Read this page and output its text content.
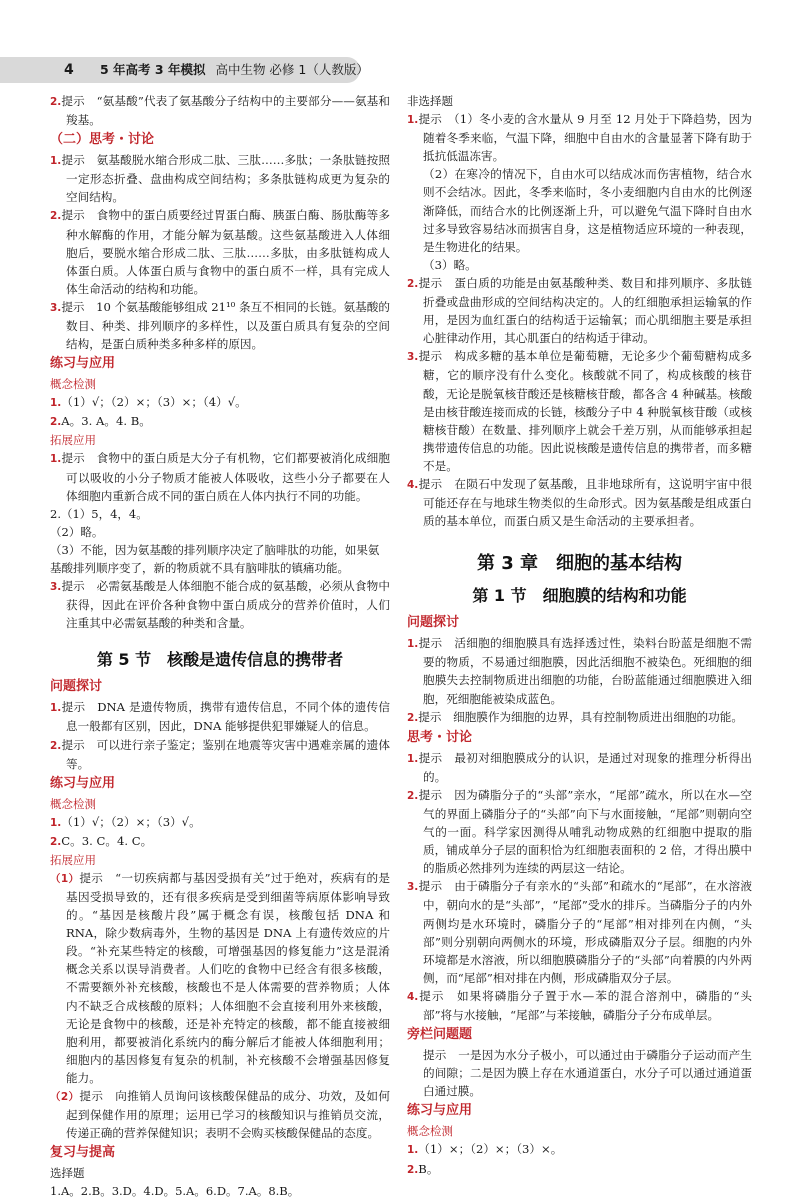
4 5 年高考 3 年模拟 高中生物 必修 1（人教版）
2.提示　“氨基酸”代表了氨基酸分子结构中的主要部分——氨基和羧基。
（二）思考・讨论
1.提示　氨基酸脱水缩合形成二肽、三肽……多肽；一条肽链按照一定形态折叠、盘曲构成空间结构；多条肽链构成更为复杂的空间结构。
2.提示　食物中的蛋白质要经过胃蛋白酶、胰蛋白酶、肠肽酶等多种水解酶的作用，才能分解为氨基酸。这些氨基酸进入人体细胞后，要脱水缩合形成二肽、三肽……多肽，由多肽链构成人体蛋白质。人体蛋白质与食物中的蛋白质不一样，具有完成人体生命活动的结构和功能。
3.提示　10 个氨基酸能够组成 21¹⁰ 条互不相同的长链。氨基酸的数目、种类、排列顺序的多样性，以及蛋白质具有复杂的空间结构，是蛋白质种类多种多样的原因。
练习与应用
概念检测
1.（1）√；（2）×；（3）×；（4）√。
2.A。3. A。4. B。
拓展应用
1.提示　食物中的蛋白质是大分子有机物，它们都要被消化成细胞可以吸收的小分子物质才能被人体吸收，这些小分子都要在人体细胞内重新合成不同的蛋白质在人体内执行不同的功能。
2.（1）5，4，4。
（2）略。
（3）不能，因为氨基酸的排列顺序决定了脑啡肽的功能，如果氨基酸排列顺序变了，新的物质就不具有脑啡肽的镇痛功能。
3.提示　必需氨基酸是人体细胞不能合成的氨基酸，必须从食物中获得，因此在评价各种食物中蛋白质成分的营养价值时，人们注重其中必需氨基酸的种类和含量。
第 5 节　核酸是遗传信息的携带者
问题探讨
1.提示　DNA 是遗传物质，携带有遗传信息，不同个体的遗传信息一般都有区别，因此，DNA 能够提供犯罪嫌疑人的信息。
2.提示　可以进行亲子鉴定；鉴别在地震等灾害中遇难亲属的遗体等。
练习与应用
概念检测
1.（1）√；（2）×；（3）√。
2.C。3. C。4. C。
拓展应用
（1）提示　“一切疾病都与基因受损有关”过于绝对，疾病有的是基因受损导致的，还有很多疾病是受到细菌等病原体影响导致的。“基因是核酸片段”属于概念有误，核酸包括 DNA 和 RNA，除少数病毒外，生物的基因是 DNA 上有遗传效应的片段。“补充某些特定的核酸，可增强基因的修复能力”这是混淆概念关系以误导消费者。人们吃的食物中已经含有很多核酸，不需要额外补充核酸，核酸也不是人体需要的营养物质；人体内不缺乏合成核酸的原料；人体细胞不会直接利用外来核酸，无论是食物中的核酸，还是补充特定的核酸，都不能直接被细胞利用，都要被消化系统内的酶分解后才能被人体细胞利用；细胞内的基因修复有复杂的机制，补充核酸不会增强基因修复能力。
（2）提示　向推销人员询问该核酸保健品的成分、功效，及如何起到保健作用的原理；运用已学习的核酸知识与推销员交流，传递正确的营养保健知识；表明不会购买核酸保健品的态度。
复习与提高
选择题
1.A。2.B。3.D。4.D。5.A。6.D。7.A。8.B。
非选择题
1.提示　（1）冬小麦的含水量从 9 月至 12 月处于下降趋势，因为随着冬季来临，气温下降，细胞中自由水的含量显著下降有助于抵抗低温冻害。
（2）在寒冷的情况下，自由水可以结成冰而伤害植物，结合水则不会结冰。因此，冬季来临时，冬小麦细胞内自由水的比例逐渐降低，而结合水的比例逐渐上升，可以避免气温下降时自由水过多导致容易结冰而损害自身，这是植物适应环境的一种表现，是生物进化的结果。
（3）略。
2.提示　蛋白质的功能是由氨基酸种类、数目和排列顺序、多肽链折叠或盘曲形成的空间结构决定的。人的红细胞承担运输氧的作用，是因为血红蛋白的结构适于运输氧；而心肌细胞主要是承担心脏律动作用，其心肌蛋白的结构适于律动。
3.提示　构成多糖的基本单位是葡萄糖，无论多少个葡萄糖构成多糖，它的顺序没有什么变化。核酸就不同了，构成核酸的核苷酸，无论是脱氧核苷酸还是核糖核苷酸，都各含 4 种碱基。核酸是由核苷酸连接而成的长链，核酸分子中 4 种脱氧核苷酸（或核糖核苷酸）在数量、排列顺序上就会千差万别，从而能够承担起携带遗传信息的功能。因此说核酸是遗传信息的携带者，而多糖不是。
4.提示　在陨石中发现了氨基酸，且非地球所有，这说明宇宙中很可能还存在与地球生物类似的生命形式。因为氨基酸是组成蛋白质的基本单位，而蛋白质又是生命活动的主要承担者。
第 3 章　细胞的基本结构
第 1 节　细胞膜的结构和功能
问题探讨
1.提示　活细胞的细胞膜具有选择透过性，染料台盼蓝是细胞不需要的物质，不易通过细胞膜，因此活细胞不被染色。死细胞的细胞膜失去控制物质进出细胞的功能，台盼蓝能通过细胞膜进入细胞，死细胞能被染成蓝色。
2.提示　细胞膜作为细胞的边界，具有控制物质进出细胞的功能。
思考・讨论
1.提示　最初对细胞膜成分的认识，是通过对现象的推理分析得出的。
2.提示　因为磷脂分子的“头部”亲水，“尾部”疏水，所以在水—空气的界面上磷脂分子的“头部”向下与水面接触，“尾部”则朝向空气的一面。科学家因测得从哺乳动物成熟的红细胞中提取的脂质，铺成单分子层的面积恰为红细胞表面积的 2 倍，才得出膜中的脂质必然排列为连续的两层这一结论。
3.提示　由于磷脂分子有亲水的“头部”和疏水的“尾部”，在水溶液中，朝向水的是“头部”，“尾部”受水的排斥。当磷脂分子的内外两侧均是水环境时，磷脂分子的“尾部”相对排列在内侧，“头部”则分别朝向两侧水的环境，形成磷脂双分子层。细胞的内外环境都是水溶液，所以细胞膜磷脂分子的“头部”向着膜的内外两侧，而“尾部”相对排在内侧，形成磷脂双分子层。
4.提示　如果将磷脂分子置于水—苯的混合溶剂中，磷脂的“头部”将与水接触，“尾部”与苯接触，磷脂分子分布成单层。
旁栏问题题
提示　一是因为水分子极小，可以通过由于磷脂分子运动而产生的间隙；二是因为膜上存在水通道蛋白，水分子可以通过通道蛋白通过膜。
练习与应用
概念检测
1.（1）×；（2）×；（3）×。
2.B。
